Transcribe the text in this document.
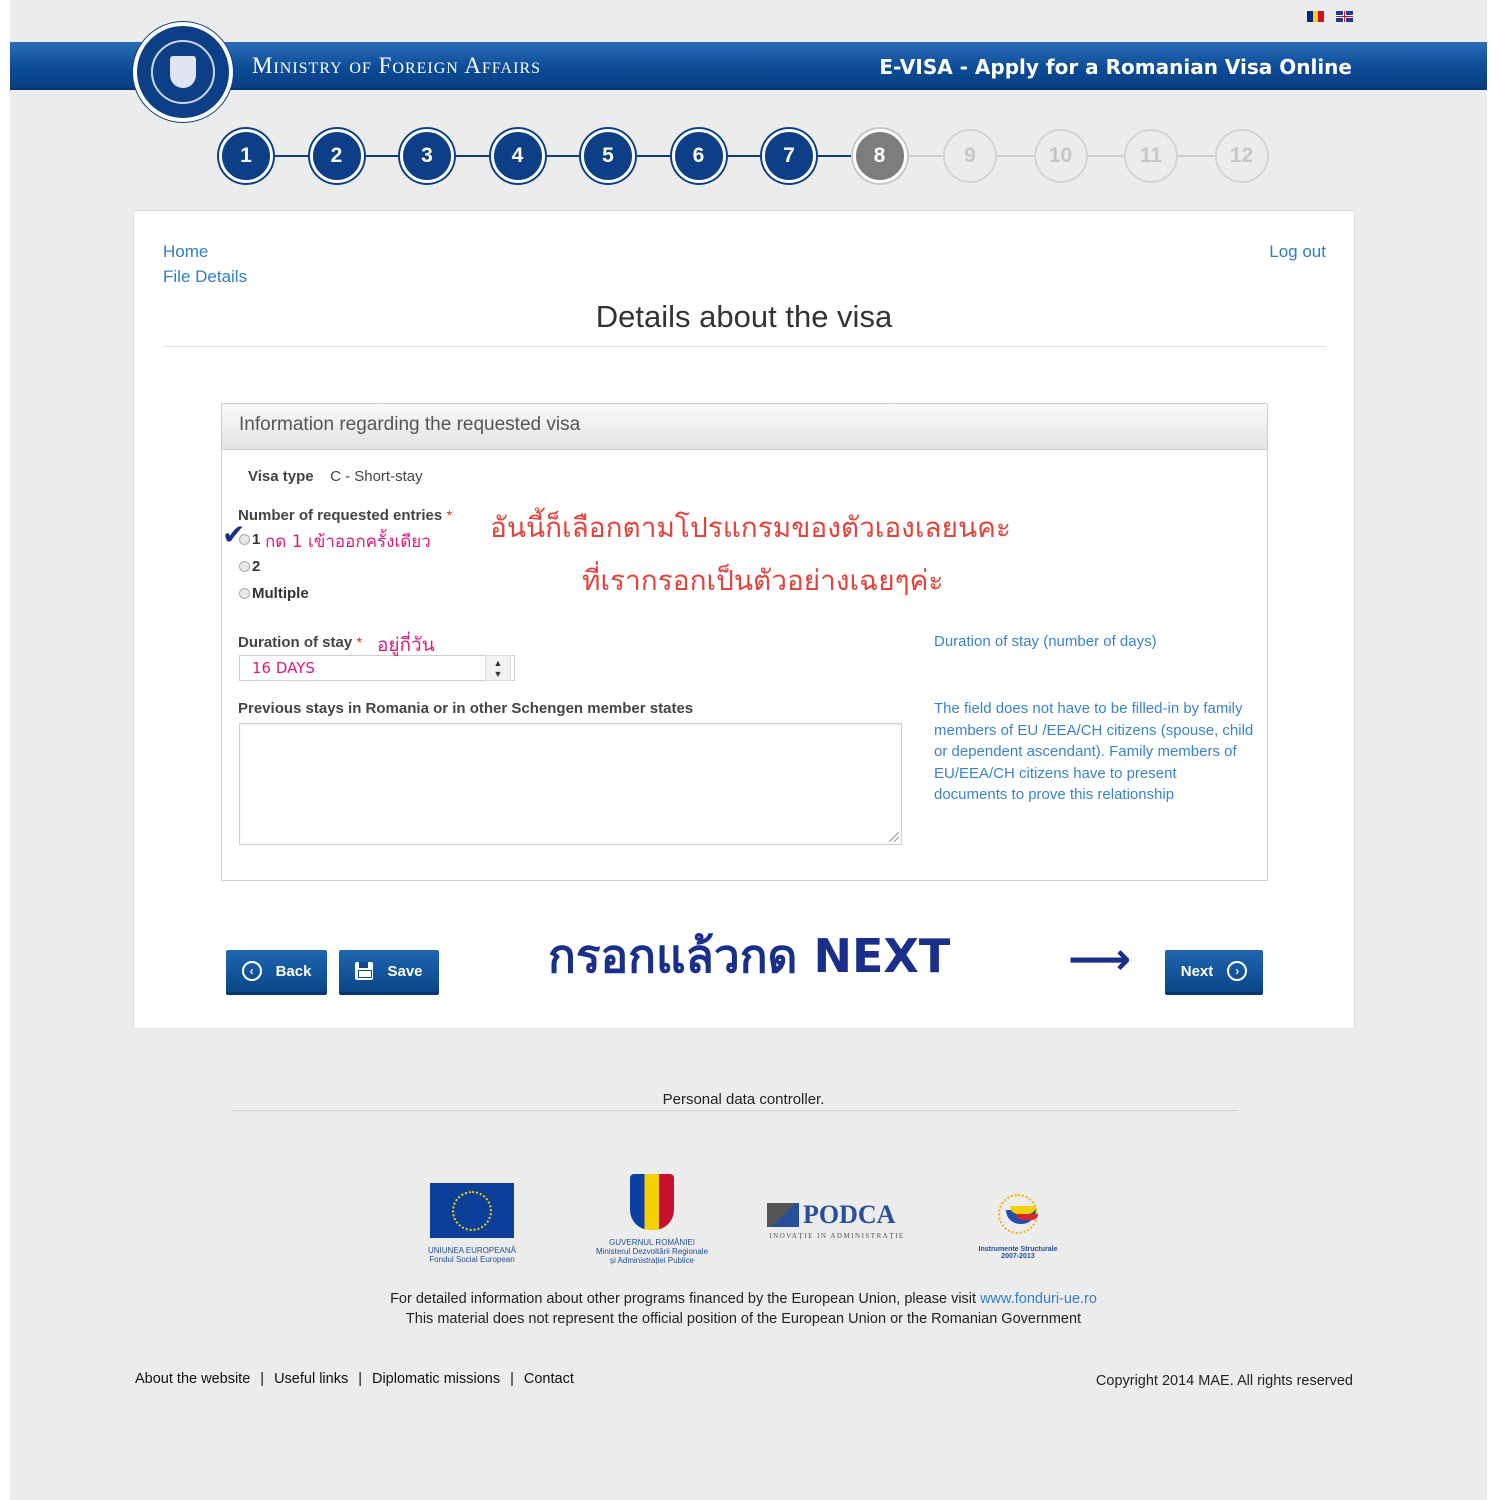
Ministry of Foreign Affairs	E-VISA - Apply for a Romanian Visa Online
1	2	3	4	5	6	7	8	9	10	11	12
Home
File Details
Log out
Details about the visa
Information regarding the requested visa
Visa type C - Short-stay
Number of requested entries *
1
2
Multiple
Duration of stay *
16 DAYS	▲
▼
Duration of stay (number of days)
Previous stays in Romania or in other Schengen member states	The field does not have to be filled-in by family members of EU /EEA/CH citizens (spouse, child or dependent ascendant). Family members of EU/EEA/CH citizens have to present documents to prove this relationship
‹	Back	Save	Next	›
✔ กด 1 เข้าออกครั้งเดียว
อยู่กี่วัน
อันนี้ก็เลือกตามโปรแกรมของตัวเองเลยนคะ
ที่เรากรอกเป็นตัวอย่างเฉยๆค่ะ
กรอกแล้วกด NEXT	⟶
Personal data controller.
UNIUNEA EUROPEANĂ
Fondul Social European
GUVERNUL ROMÂNIEI
Ministerul Dezvoltării Regionale
și Administrației Publice
PODCA
INOVAȚIE IN ADMINISTRAȚIE
Instrumente Structurale
2007-2013
For detailed information about other programs financed by the European Union, please visit www.fonduri-ue.ro
This material does not represent the official position of the European Union or the Romanian Government
About the website | Useful links | Diplomatic missions | Contact	Copyright 2014 MAE. All rights reserved
